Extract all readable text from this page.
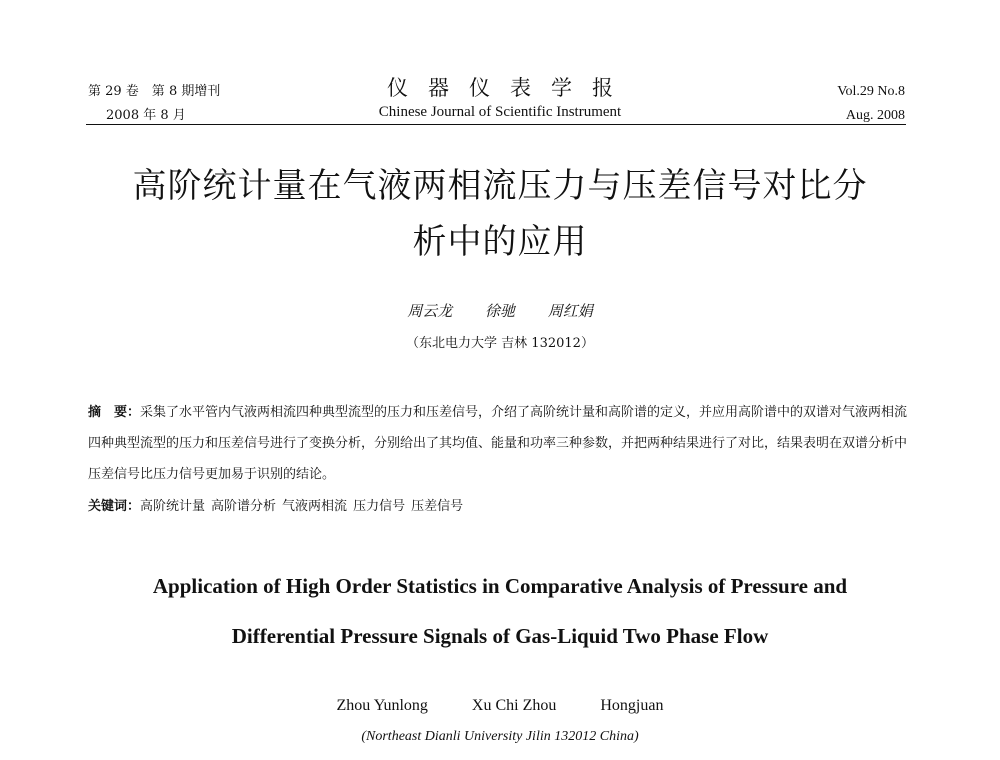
第 29 卷　第 8 期增刊
2008 年 8 月
仪器仪表学报
Chinese Journal of Scientific Instrument
Vol.29 No.8
Aug. 2008
高阶统计量在气液两相流压力与压差信号对比分
析中的应用
周云龙 徐驰 周红娟
（东北电力大学 吉林 132012）
摘　要：采集了水平管内气液两相流四种典型流型的压力和压差信号，介绍了高阶统计量和高阶谱的定义，并应用高阶谱中的双谱对气液两相流四种典型流型的压力和压差信号进行了变换分析，分别给出了其均值、能量和功率三种参数，并把两种结果进行了对比，结果表明在双谱分析中压差信号比压力信号更加易于识别的结论。
关键词：高阶统计量 高阶谱分析 气液两相流 压力信号 压差信号
Application of High Order Statistics in Comparative Analysis of Pressure and
Differential Pressure Signals of Gas-Liquid Two Phase Flow
Zhou Yunlong	Xu Chi Zhou	Hongjuan
(Northeast Dianli University Jilin 132012 China)
